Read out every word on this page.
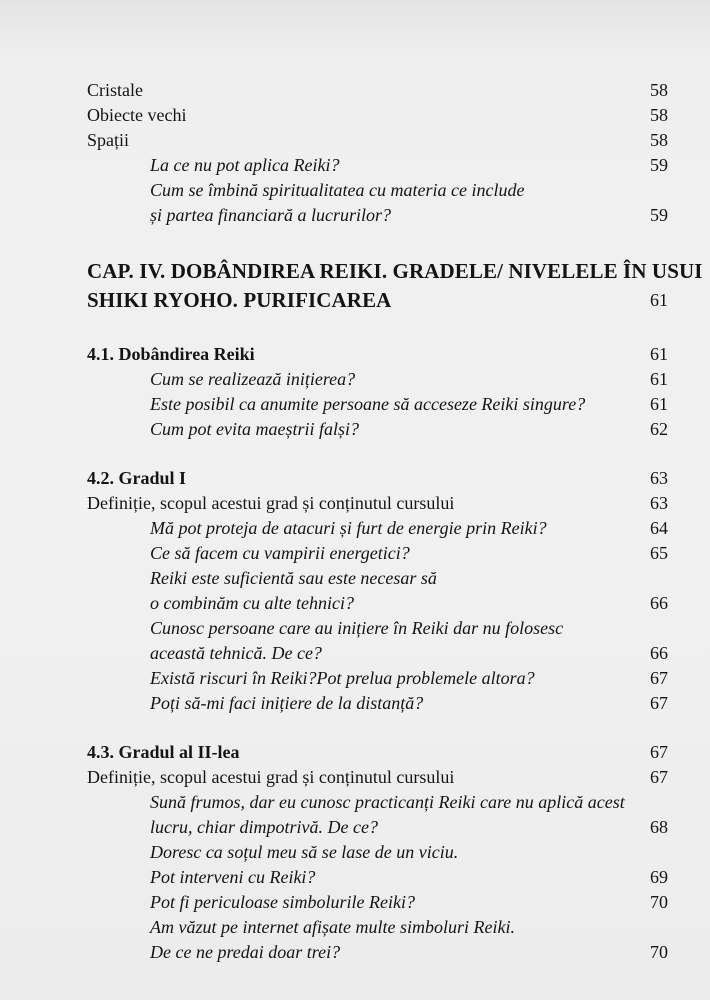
Cristale	58
Obiecte vechi	58
Spații	58
La ce nu pot aplica Reiki?	59
Cum se îmbină spiritualitatea cu materia ce include
și partea financiară a lucrurilor?	59
CAP. IV. DOBÂNDIREA REIKI. GRADELE/ NIVELELE ÎN USUI
SHIKI RYOHO. PURIFICAREA	61
4.1. Dobândirea Reiki	61
Cum se realizează inițierea?	61
Este posibil ca anumite persoane să acceseze Reiki singure?	61
Cum pot evita maeștrii falși?	62
4.2. Gradul I	63
Definiție, scopul acestui grad și conținutul cursului	63
Mă pot proteja de atacuri și furt de energie prin Reiki?	64
Ce să facem cu vampirii energetici?	65
Reiki este suficientă sau este necesar să
o combinăm cu alte tehnici?	66
Cunosc persoane care au inițiere în Reiki dar nu folosesc
această tehnică. De ce?	66
Există riscuri în Reiki?Pot prelua problemele altora?	67
Poți să-mi faci inițiere de la distanță?	67
4.3. Gradul al II-lea	67
Definiție, scopul acestui grad și conținutul cursului	67
Sună frumos, dar eu cunosc practicanți Reiki care nu aplică acest
lucru, chiar dimpotrivă. De ce?	68
Doresc ca soțul meu să se lase de un viciu.
Pot interveni cu Reiki?	69
Pot fi periculoase simbolurile Reiki?	70
Am văzut pe internet afișate multe simboluri Reiki.
De ce ne predai doar trei?	70
